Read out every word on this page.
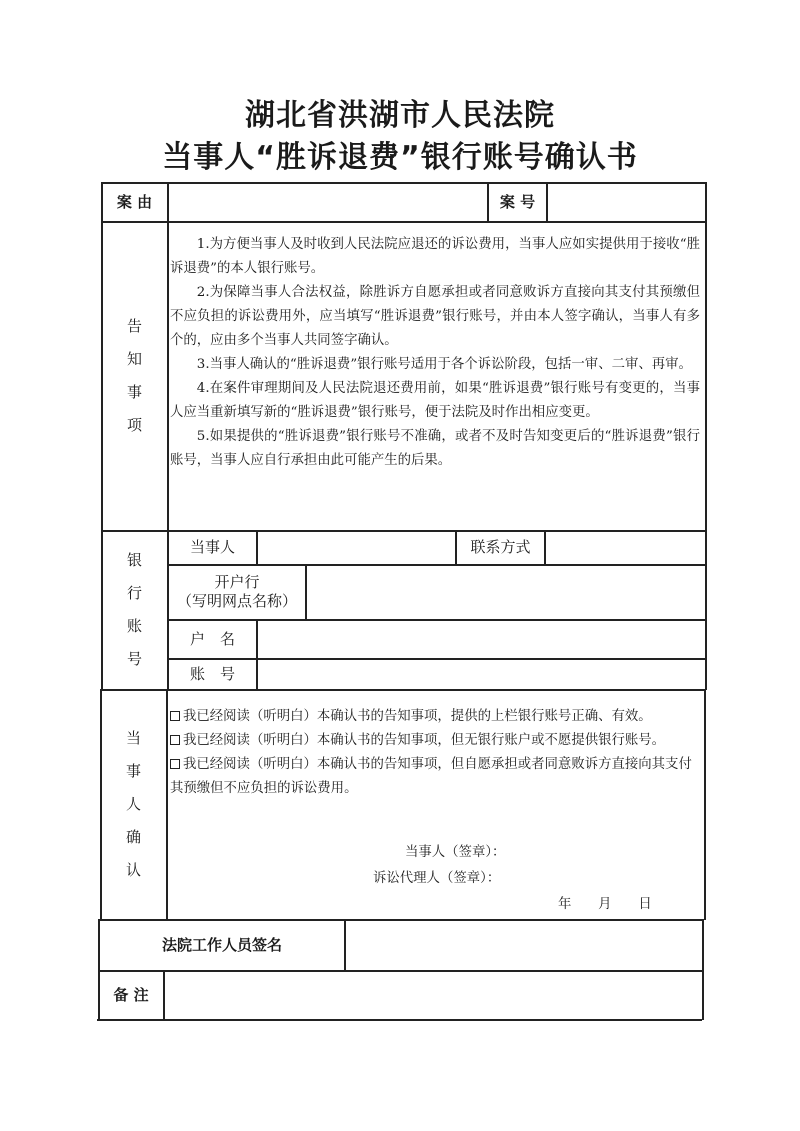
湖北省洪湖市人民法院
当事人“胜诉退费”银行账号确认书
案 由	案 号
告
知
事
项

1.为方便当事人及时收到人民法院应退还的诉讼费用，当事人应如实提供用于接收“胜诉退费”的本人银行账号。

2.为保障当事人合法权益，除胜诉方自愿承担或者同意败诉方直接向其支付其预缴但不应负担的诉讼费用外，应当填写“胜诉退费”银行账号，并由本人签字确认，当事人有多个的，应由多个当事人共同签字确认。

3.当事人确认的“胜诉退费”银行账号适用于各个诉讼阶段，包括一审、二审、再审。

4.在案件审理期间及人民法院退还费用前，如果“胜诉退费”银行账号有变更的，当事人应当重新填写新的“胜诉退费”银行账号，便于法院及时作出相应变更。

5.如果提供的“胜诉退费”银行账号不准确，或者不及时告知变更后的“胜诉退费”银行账号，当事人应自行承担由此可能产生的后果。

银
行
账
号
当事人	联系方式
开户行
（写明网点名称）
户　名
账　号
当
事
人
确
认

我已经阅读（听明白）本确认书的告知事项，提供的上栏银行账号正确、有效。

我已经阅读（听明白）本确认书的告知事项，但无银行账户或不愿提供银行账号。

我已经阅读（听明白）本确认书的告知事项，但自愿承担或者同意败诉方直接向其支付其预缴但不应负担的诉讼费用。

当事人（签章）：
诉讼代理人（签章）：
年　　月　　日
法院工作人员签名
备 注
